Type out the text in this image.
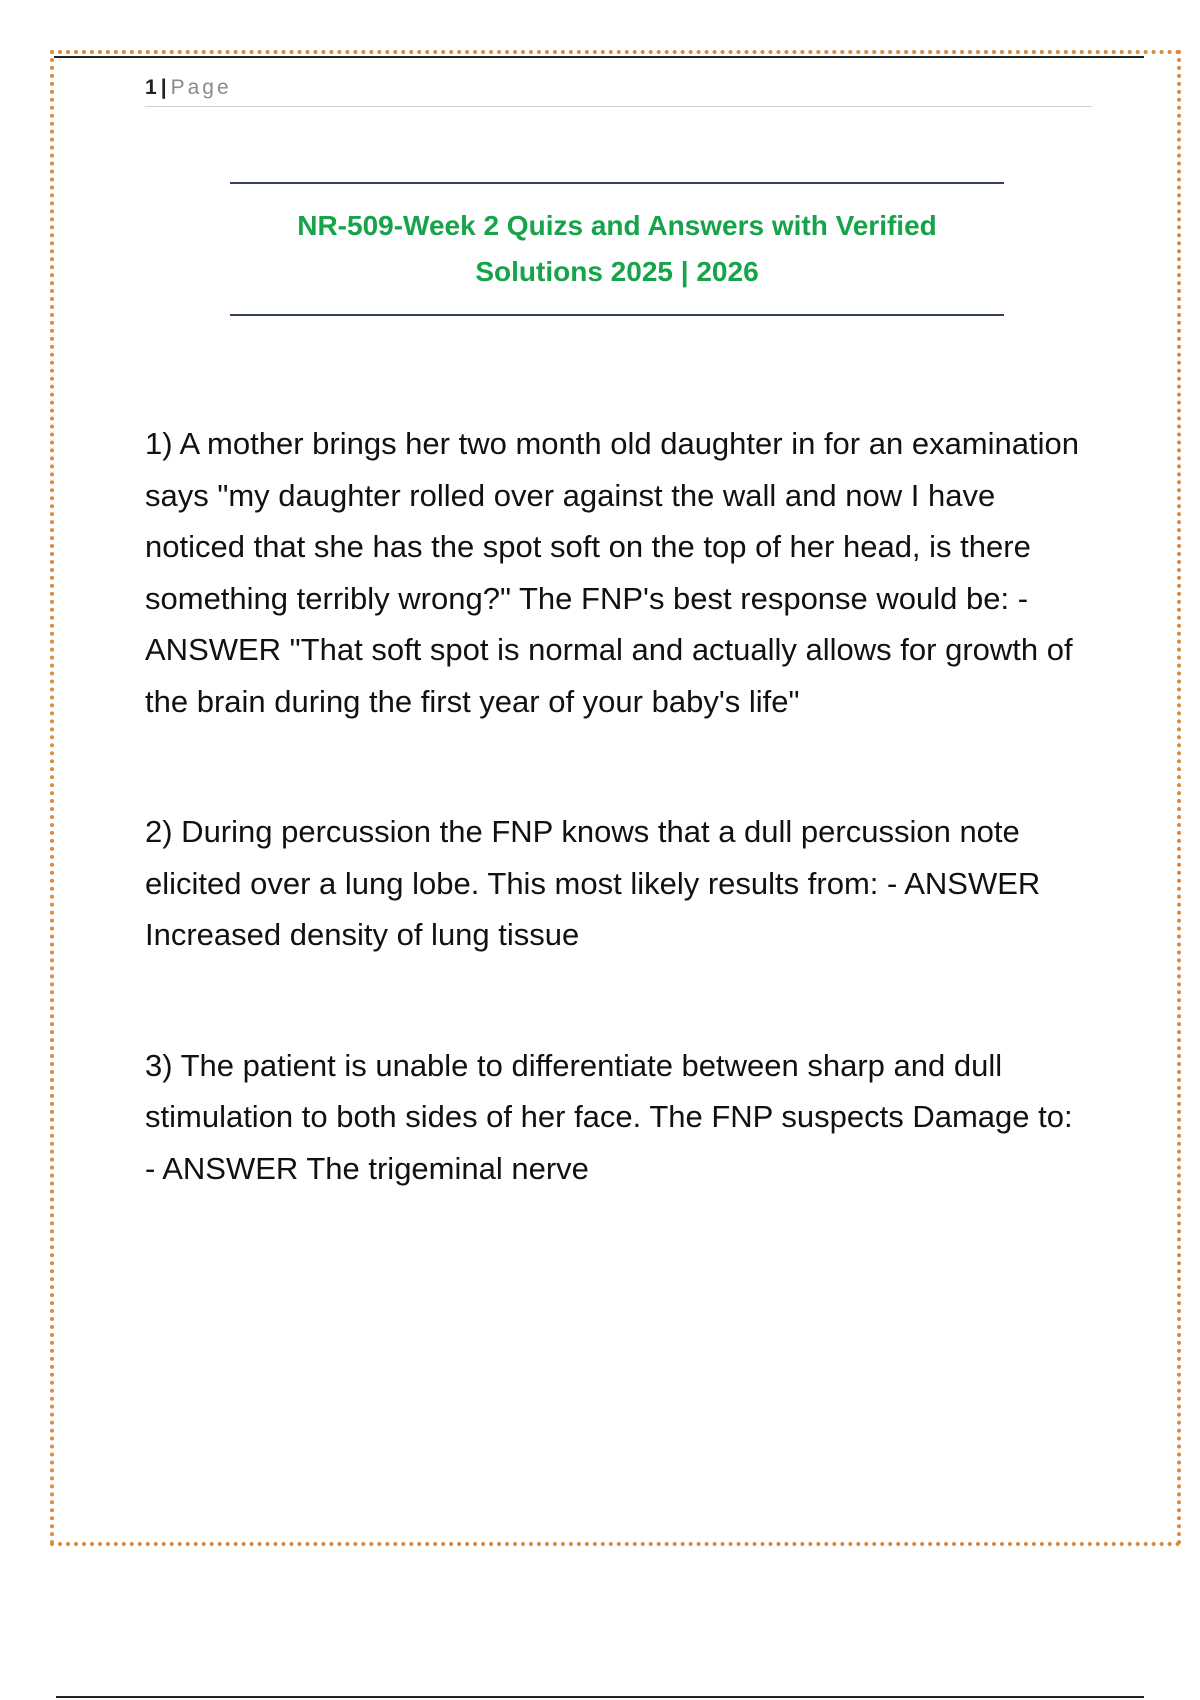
1 | Page
NR-509-Week 2 Quizs and Answers with Verified
Solutions 2025 | 2026

1) A mother brings her two month old daughter in for an examination says "my daughter rolled over against the wall and now I have noticed that she has the spot soft on the top of her head, is there something terribly wrong?" The FNP's best response would be: - ANSWER "That soft spot is normal and actually allows for growth of the brain during the first year of your baby's life"

2) During percussion the FNP knows that a dull percussion note elicited over a lung lobe. This most likely results from: - ANSWER Increased density of lung tissue

3) The patient is unable to differentiate between sharp and dull stimulation to both sides of her face. The FNP suspects Damage to: - ANSWER The trigeminal nerve
